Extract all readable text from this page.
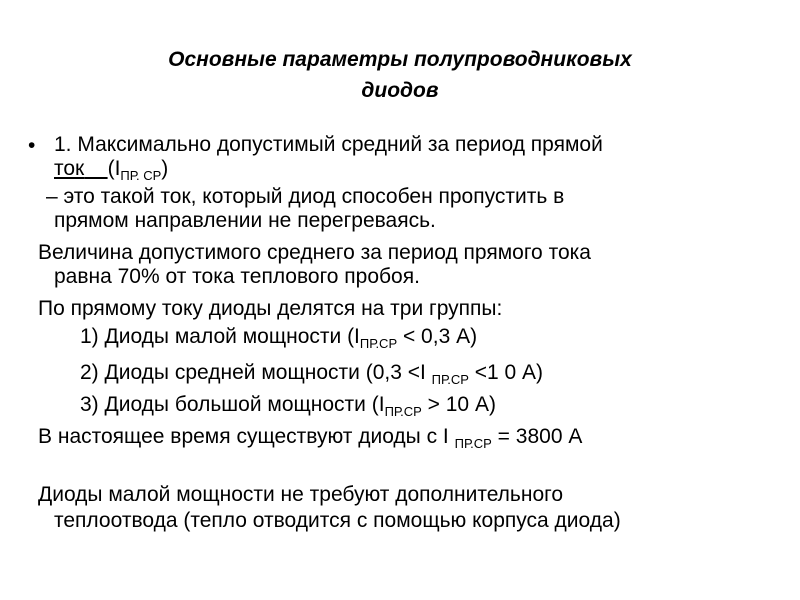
Основные параметры полупроводниковых
диодов
• 1. Максимально допустимый средний за период прямой
ток $(I_{ПР. СР})$
– это такой ток, который диод способен пропустить в
прямом направлении не перегреваясь.
Величина допустимого среднего за период прямого тока
равна 70% от тока теплового пробоя.
По прямому току диоды делятся на три группы:
1) Диоды малой мощности ($I_{ПР.СР} < 0,3$ А)
2) Диоды средней мощности (0,3 <I $_{ПР.СР}$ <1 0 А)
3) Диоды большой мощности ($I_{ПР.СР} > 10$ А)
В настоящее время существуют диоды с I $_{ПР.СР}$ = 3800 А
Диоды малой мощности не требуют дополнительного
теплоотвода (тепло отводится с помощью корпуса диода)
